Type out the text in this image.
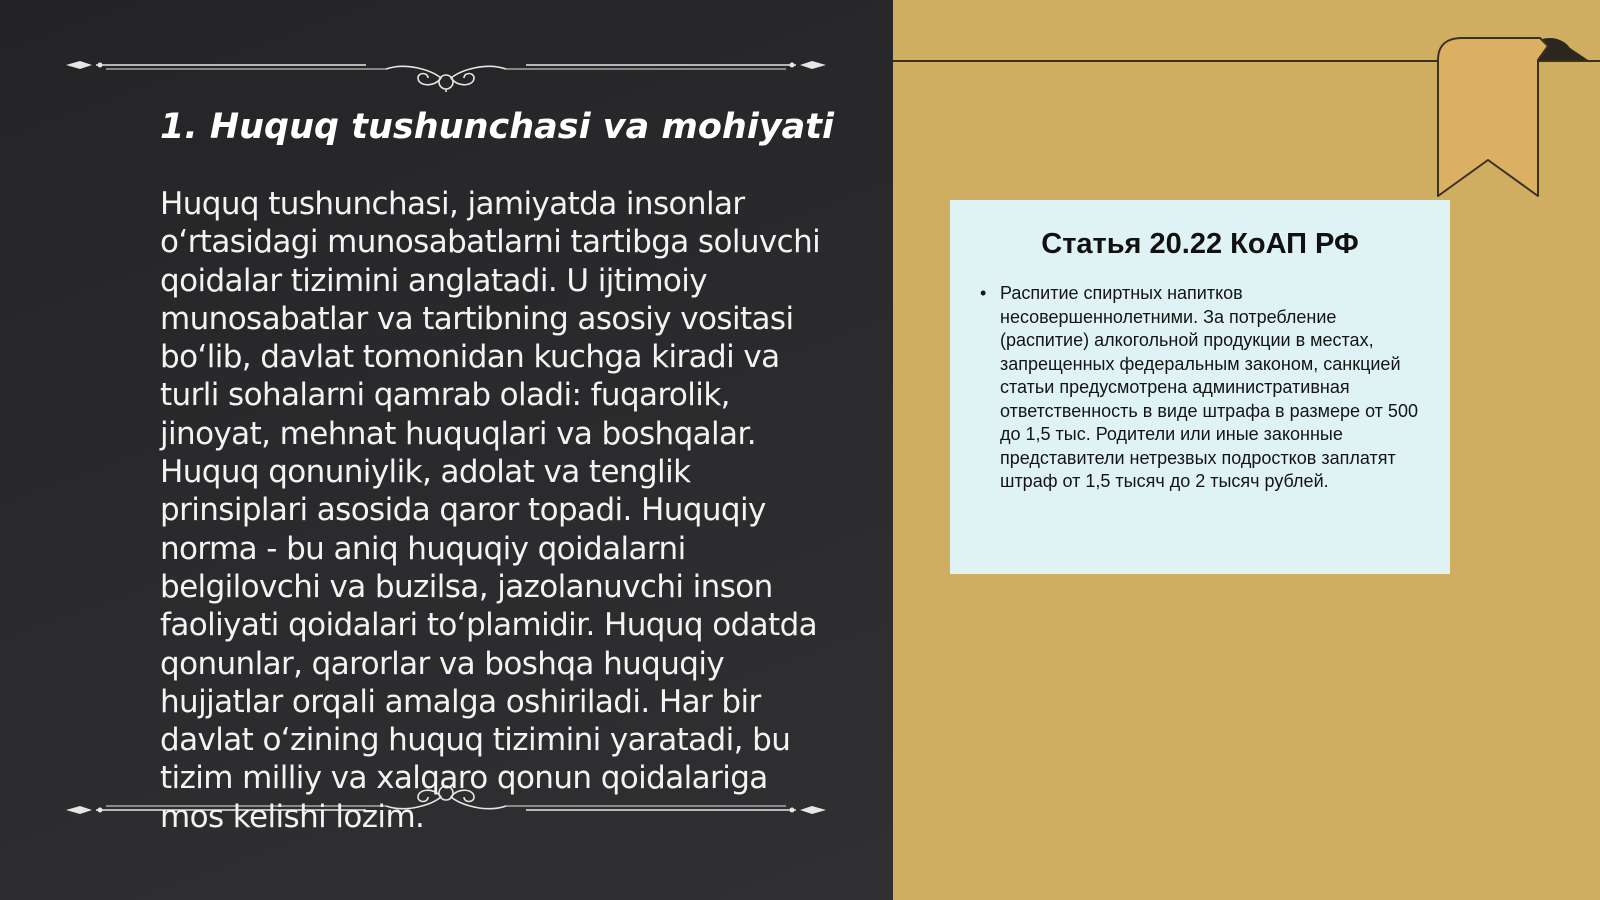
1. Huquq tushunchasi va mohiyati

Huquq tushunchasi, jamiyatda insonlar o‘rtasidagi munosabatlarni tartibga soluvchi qoidalar tizimini anglatadi. U ijtimoiy munosabatlar va tartibning asosiy vositasi bo‘lib, davlat tomonidan kuchga kiradi va turli sohalarni qamrab oladi: fuqarolik, jinoyat, mehnat huquqlari va boshqalar. Huquq qonuniylik, adolat va tenglik prinsiplari asosida qaror topadi. Huquqiy norma - bu aniq huquqiy qoidalarni belgilovchi va buzilsa, jazolanuvchi inson faoliyati qoidalari to‘plamidir. Huquq odatda qonunlar, qarorlar va boshqa huquqiy hujjatlar orqali amalga oshiriladi. Har bir davlat o‘zining huquq tizimini yaratadi, bu tizim milliy va xalqaro qonun qoidalariga mos kelishi lozim.

Статья 20.22 КоАП РФ
• Распитие спиртных напитков несовершеннолетними. За потребление (распитие) алкогольной продукции в местах, запрещенных федеральным законом, санкцией статьи предусмотрена административная ответственность в виде штрафа в размере от 500 до 1,5 тыс. Родители или иные законные представители нетрезвых подростков заплатят штраф от 1,5 тысяч до 2 тысяч рублей.
